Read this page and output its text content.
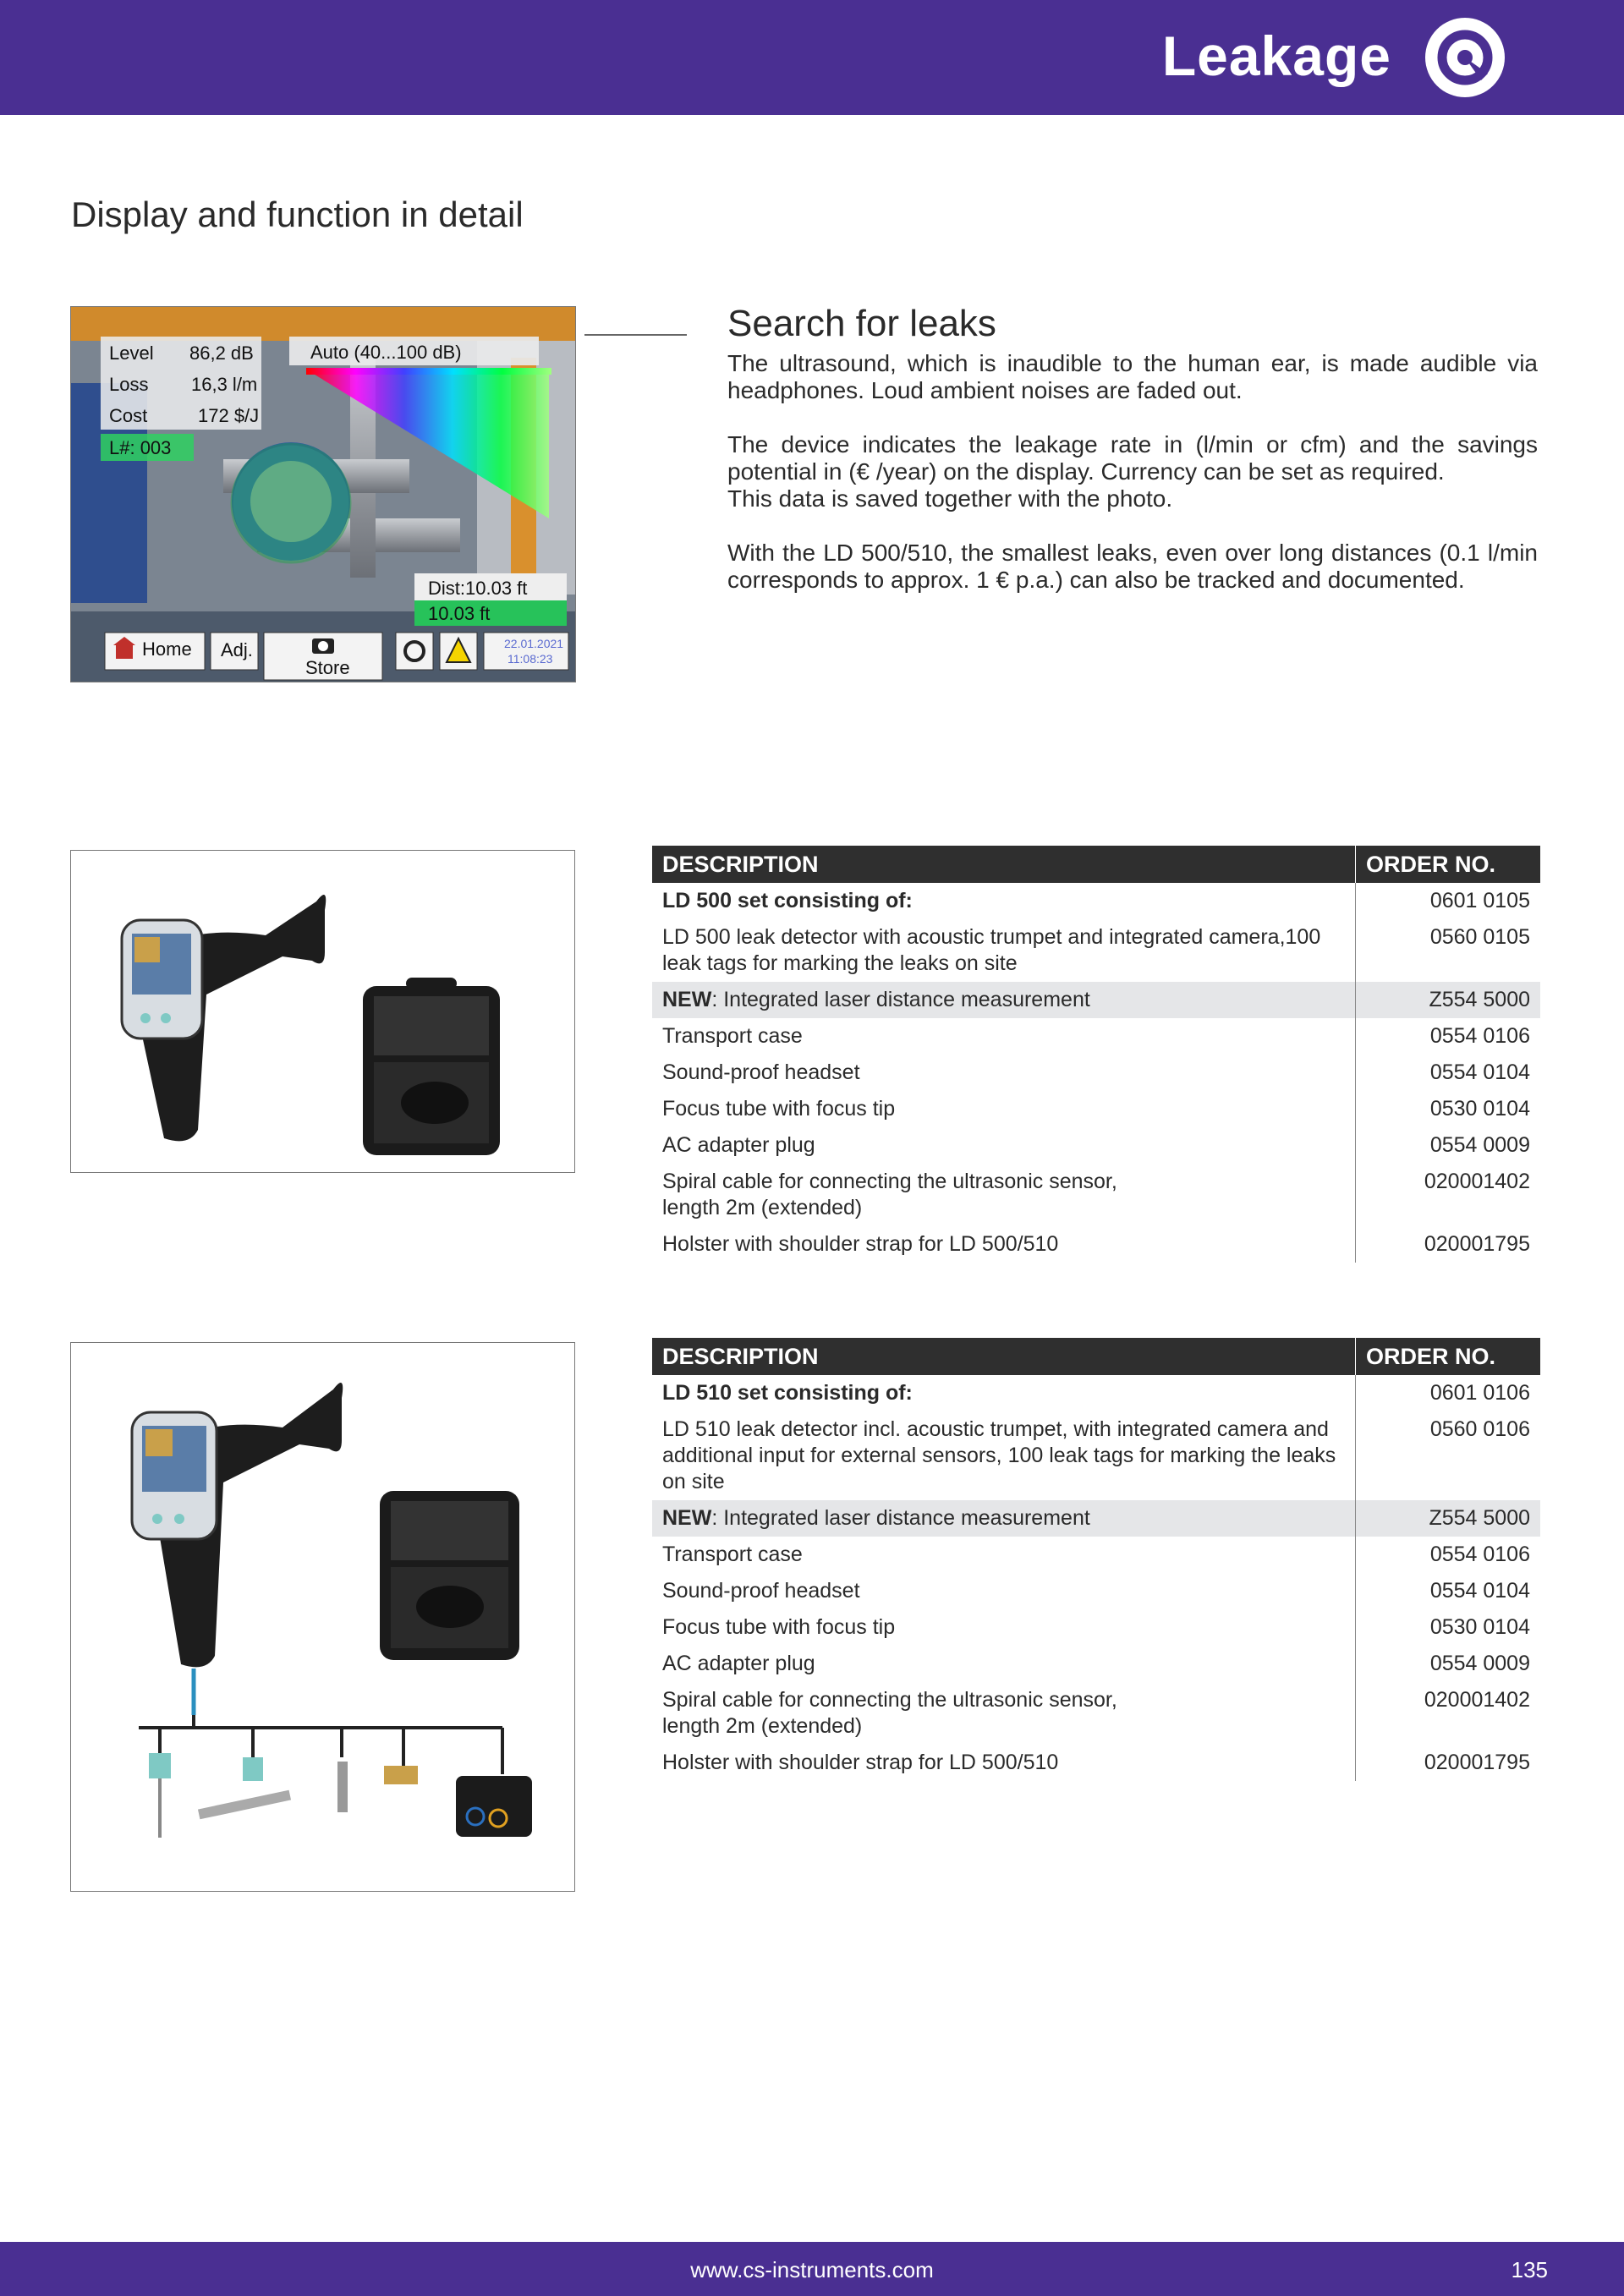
Leakage
Display and function in detail
Level 86,2 dB
Loss 16,3 l/m
Cost	172 $/J
L#: 003
Auto (40...100 dB)
Dist:10.03 ft
10.03 ft
Home Adj.
Store
22.01.2021
11:08:23
Search for leaks
The ultrasound, which is inaudible to the human ear, is made audible via headphones. Loud ambient noises are faded out.
The device indicates the leakage rate in (l/min or cfm) and the savings potential in (€ /year) on the display. Currency can be set as required.
This data is saved together with the photo.
With the LD 500/510, the smallest leaks, even over long distances (0.1 l/min corresponds to approx. 1 € p.a.) can also be tracked and documented.
DESCRIPTION	ORDER NO.
LD 500 set consisting of:	0601 0105
LD 500 leak detector with acoustic trumpet and integrated camera,100 leak tags for marking the leaks on site	0560 0105
NEW: Integrated laser distance measurement	Z554 5000
Transport case	0554 0106
Sound-proof headset	0554 0104
Focus tube with focus tip	0530 0104
AC adapter plug	0554 0009

Spiral cable for connecting the ultrasonic sensor,
length 2m (extended)	020001402
Holster with shoulder strap for LD 500/510	020001795
DESCRIPTION	ORDER NO.
LD 510 set consisting of:	0601 0106
LD 510 leak detector incl. acoustic trumpet, with integrated camera and additional input for external sensors, 100 leak tags for marking the leaks on site	0560 0106
NEW: Integrated laser distance measurement	Z554 5000
Transport case	0554 0106
Sound-proof headset	0554 0104
Focus tube with focus tip	0530 0104
AC adapter plug	0554 0009

Spiral cable for connecting the ultrasonic sensor,
length 2m (extended)	020001402
Holster with shoulder strap for LD 500/510	020001795
www.cs-instruments.com	135
